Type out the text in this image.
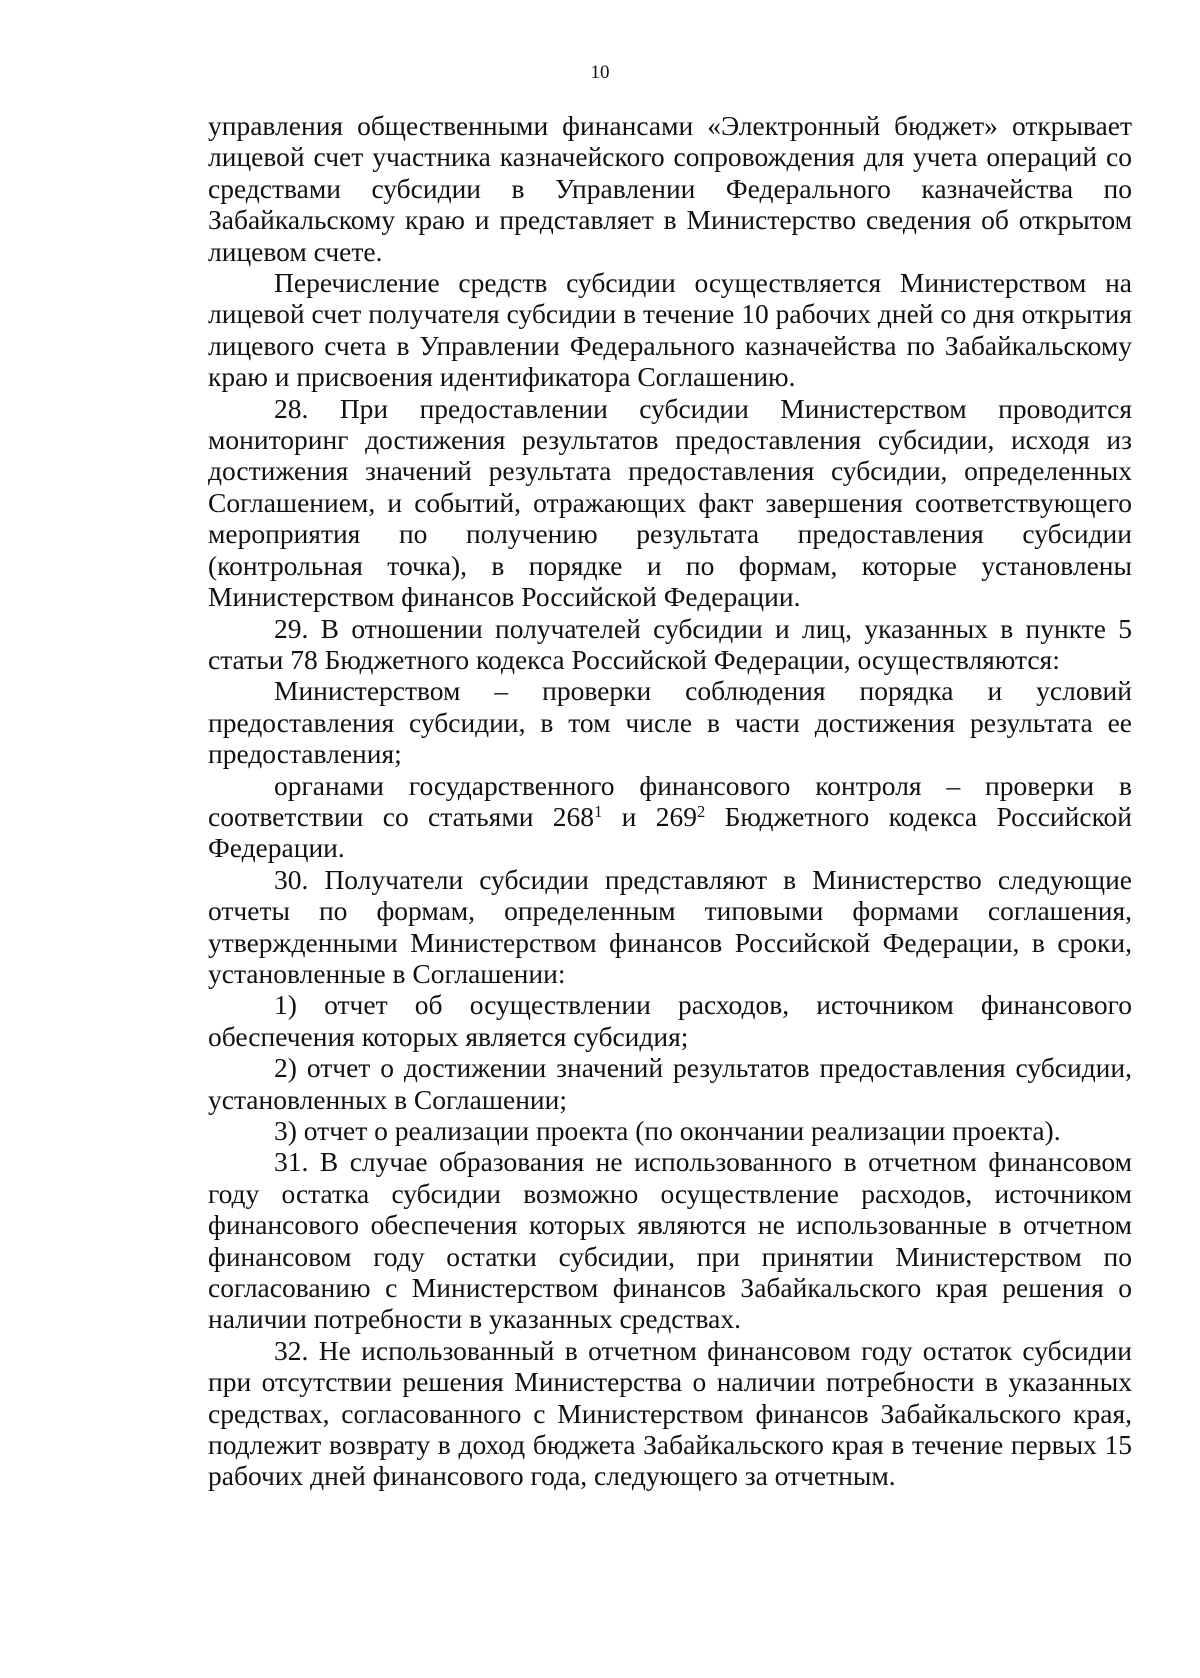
10

управления общественными финансами «Электронный бюджет» открывает лицевой счет участника казначейского сопровождения для учета операций со средствами субсидии в Управлении Федерального казначейства по Забайкальскому краю и представляет в Министерство сведения об открытом лицевом счете.

Перечисление средств субсидии осуществляется Министерством на лицевой счет получателя субсидии в течение 10 рабочих дней со дня открытия лицевого счета в Управлении Федерального казначейства по Забайкальскому краю и присвоения идентификатора Соглашению.

28. При предоставлении субсидии Министерством проводится мониторинг достижения результатов предоставления субсидии, исходя из достижения значений результата предоставления субсидии, определенных Соглашением, и событий, отражающих факт завершения соответствующего мероприятия по получению результата предоставления субсидии (контрольная точка), в порядке и по формам, которые установлены Министерством финансов Российской Федерации.

29. В отношении получателей субсидии и лиц, указанных в пункте 5 статьи 78 Бюджетного кодекса Российской Федерации, осуществляются:

Министерством – проверки соблюдения порядка и условий предоставления субсидии, в том числе в части достижения результата ее предоставления;

органами государственного финансового контроля – проверки в соответствии со статьями $268^1$ и $269^2$ Бюджетного кодекса Российской Федерации.

30. Получатели субсидии представляют в Министерство следующие отчеты по формам, определенным типовыми формами соглашения, утвержденными Министерством финансов Российской Федерации, в сроки, установленные в Соглашении:

1) отчет об осуществлении расходов, источником финансового обеспечения которых является субсидия;

2) отчет о достижении значений результатов предоставления субсидии, установленных в Соглашении;

3) отчет о реализации проекта (по окончании реализации проекта).

31. В случае образования не использованного в отчетном финансовом году остатка субсидии возможно осуществление расходов, источником финансового обеспечения которых являются не использованные в отчетном финансовом году остатки субсидии, при принятии Министерством по согласованию с Министерством финансов Забайкальского края решения о наличии потребности в указанных средствах.

32. Не использованный в отчетном финансовом году остаток субсидии при отсутствии решения Министерства о наличии потребности в указанных средствах, согласованного с Министерством финансов Забайкальского края, подлежит возврату в доход бюджета Забайкальского края в течение первых 15 рабочих дней финансового года, следующего за отчетным.
